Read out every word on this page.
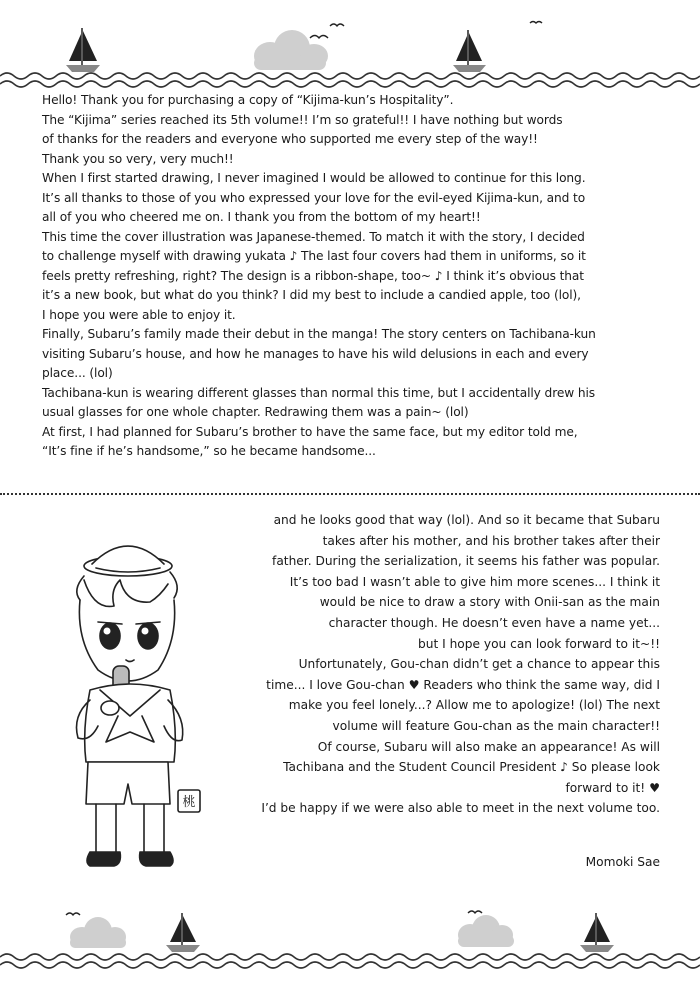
Hello! Thank you for purchasing a copy of “Kijima-kun’s Hospitality”.

The “Kijima” series reached its 5th volume!! I’m so grateful!! I have nothing but words

of thanks for the readers and everyone who supported me every step of the way!!

Thank you so very, very much!!

When I first started drawing, I never imagined I would be allowed to continue for this long.

It’s all thanks to those of you who expressed your love for the evil-eyed Kijima-kun, and to

all of you who cheered me on. I thank you from the bottom of my heart!!

This time the cover illustration was Japanese-themed. To match it with the story, I decided

to challenge myself with drawing yukata ♪ The last four covers had them in uniforms, so it

feels pretty refreshing, right? The design is a ribbon-shape, too~ ♪ I think it’s obvious that

it’s a new book, but what do you think? I did my best to include a candied apple, too (lol),

I hope you were able to enjoy it.

Finally, Subaru’s family made their debut in the manga! The story centers on Tachibana-kun

visiting Subaru’s house, and how he manages to have his wild delusions in each and every

place... (lol)

Tachibana-kun is wearing different glasses than normal this time, but I accidentally drew his

usual glasses for one whole chapter. Redrawing them was a pain~ (lol)

At first, I had planned for Subaru’s brother to have the same face, but my editor told me,

“It’s fine if he’s handsome,” so he became handsome...

桃

and he looks good that way (lol). And so it became that Subaru

takes after his mother, and his brother takes after their

father. During the serialization, it seems his father was popular.

It’s too bad I wasn’t able to give him more scenes... I think it

would be nice to draw a story with Onii-san as the main

character though. He doesn’t even have a name yet...

but I hope you can look forward to it~!!

Unfortunately, Gou-chan didn’t get a chance to appear this

time... I love Gou-chan ♥ Readers who think the same way, did I

make you feel lonely...? Allow me to apologize! (lol) The next

volume will feature Gou-chan as the main character!!

Of course, Subaru will also make an appearance! As will

Tachibana and the Student Council President ♪ So please look

forward to it! ♥

I’d be happy if we were also able to meet in the next volume too.

Momoki Sae
